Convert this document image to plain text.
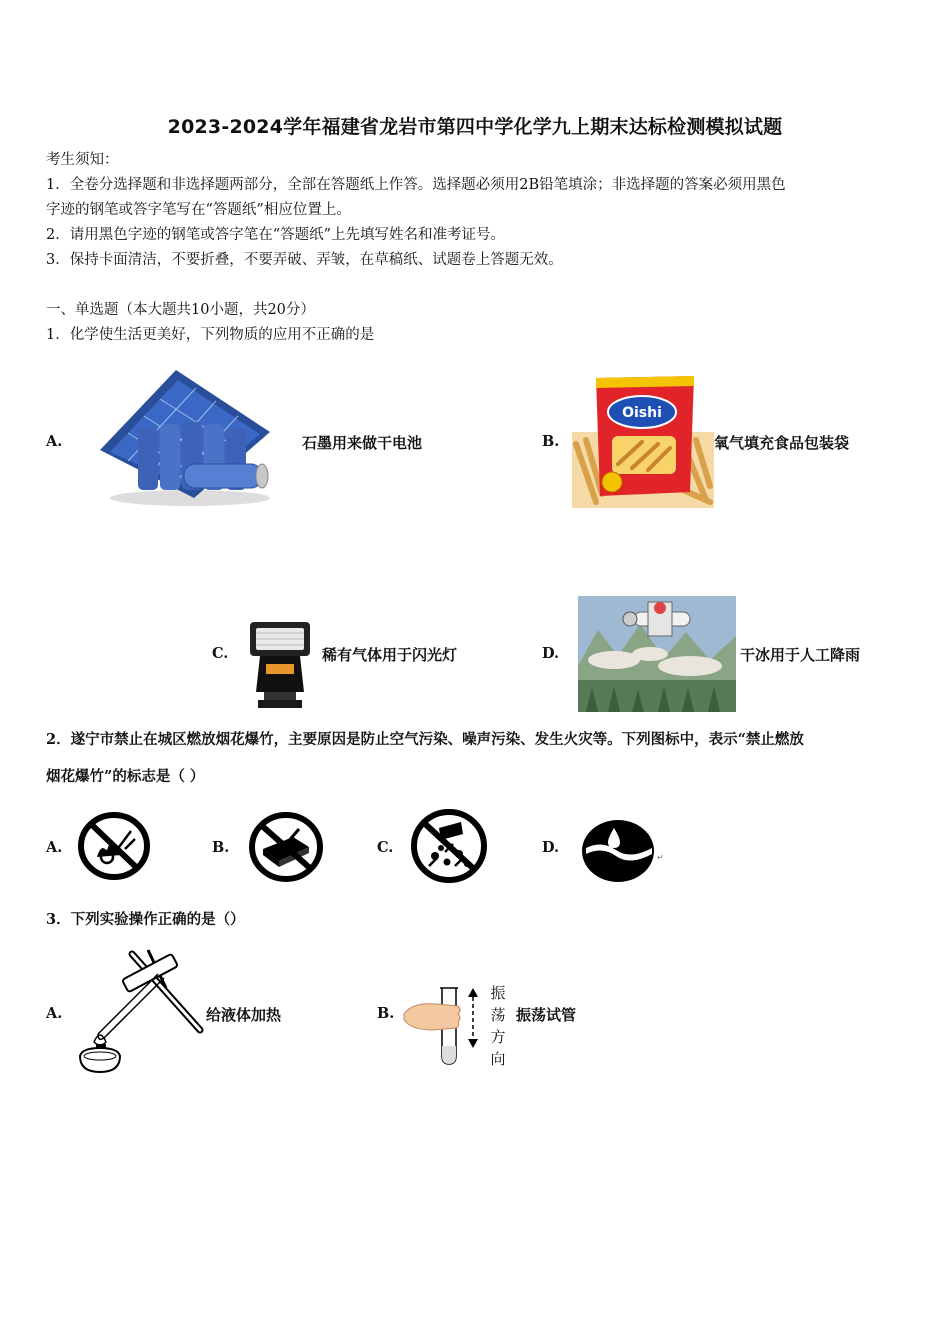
2023-2024学年福建省龙岩市第四中学化学九上期末达标检测模拟试题
考生须知：
1．全卷分选择题和非选择题两部分，全部在答题纸上作答。选择题必须用2B铅笔填涂；非选择题的答案必须用黑色
字迹的钢笔或答字笔写在“答题纸”相应位置上。
2．请用黑色字迹的钢笔或答字笔在“答题纸”上先填写姓名和准考证号。
3．保持卡面清洁，不要折叠，不要弄破、弄皱，在草稿纸、试题卷上答题无效。
一、单选题（本大题共10小题，共20分）
1．化学使生活更美好，下列物质的应用不正确的是
A.	石墨用来做干电池	B.
Oishi
氧气填充食品包装袋
C.	稀有气体用于闪光灯	D.	干冰用于人工降雨
2．遂宁市禁止在城区燃放烟花爆竹，主要原因是防止空气污染、噪声污染、发生火灾等。下列图标中，表示“禁止燃放
烟花爆竹”的标志是（ ）
A.	B.	C.	D.
↵
3．下列实验操作正确的是（）
A.	给液体加热	B.
振
荡
方
向
振荡试管
